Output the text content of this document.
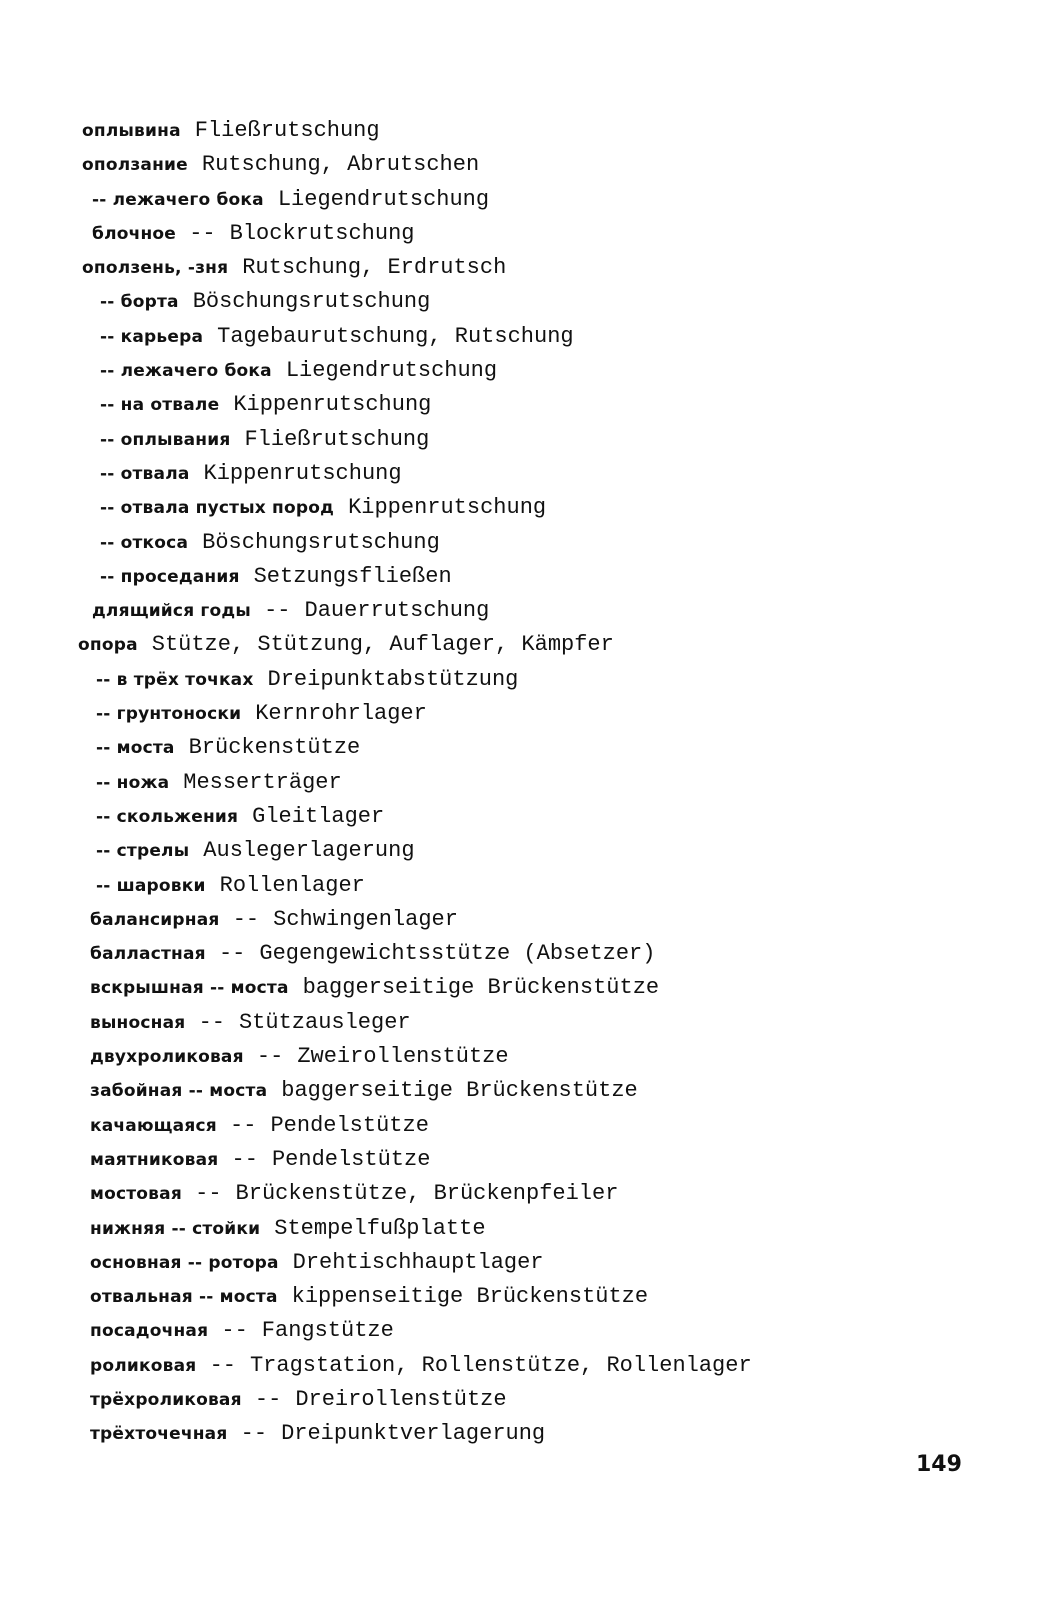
оплывина Fließrutschung
оползание Rutschung, Abrutschen
-- лежачего бока Liegendrutschung
блочное -- Blockrutschung
оползень, -зня Rutschung, Erdrutsch
-- борта Böschungsrutschung
-- карьера Tagebaurutschung, Rutschung
-- лежачего бока Liegendrutschung
-- на отвале Kippenrutschung
-- оплывания Fließrutschung
-- отвала Kippenrutschung
-- отвала пустых пород Kippenrutschung
-- откоса Böschungsrutschung
-- проседания Setzungsfließen
длящийся годы -- Dauerrutschung
опора Stütze, Stützung, Auflager, Kämpfer
-- в трёх точках Dreipunktabstützung
-- грунтоноски Kernrohrlager
-- моста Brückenstütze
-- ножа Messerträger
-- скольжения Gleitlager
-- стрелы Auslegerlagerung
-- шаровки Rollenlager
балансирная -- Schwingenlager
балластная -- Gegengewichtsstütze (Absetzer)
вскрышная -- моста baggerseitige Brückenstütze
выносная -- Stützausleger
двухроликовая -- Zweirollenstütze
забойная -- моста baggerseitige Brückenstütze
качающаяся -- Pendelstütze
маятниковая -- Pendelstütze
мостовая -- Brückenstütze, Brückenpfeiler
нижняя -- стойки Stempelfußplatte
основная -- ротора Drehtischhauptlager
отвальная -- моста kippenseitige Brückenstütze
посадочная -- Fangstütze
роликовая -- Tragstation, Rollenstütze, Rollenlager
трёхроликовая -- Dreirollenstütze
трёхточечная -- Dreipunktverlagerung
149
